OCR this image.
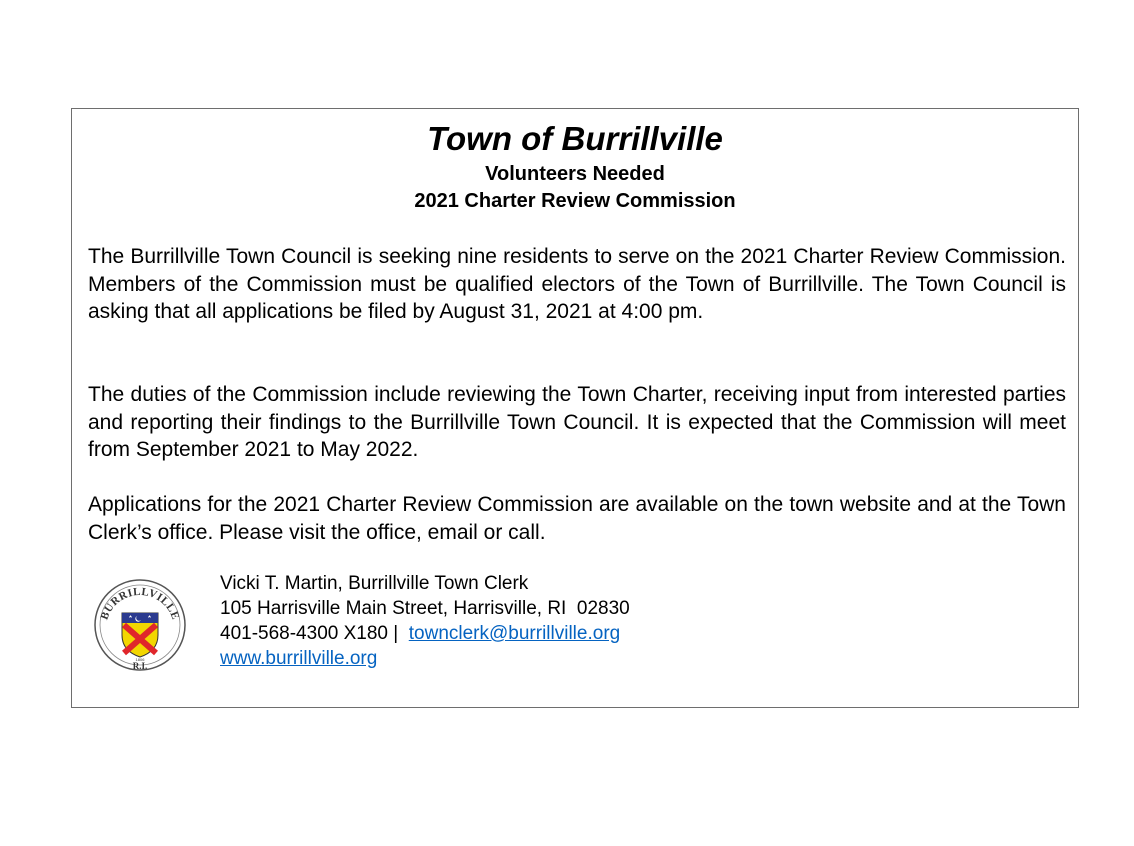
Town of Burrillville
Volunteers Needed
2021 Charter Review Commission

The Burrillville Town Council is seeking nine residents to serve on the 2021 Charter Review Commission. Members of the Commission must be qualified electors of the Town of Burrillville. The Town Council is asking that all applications be filed by August 31, 2021 at 4:00 pm.

The duties of the Commission include reviewing the Town Charter, receiving input from interested parties and reporting their findings to the Burrillville Town Council. It is expected that the Commission will meet from September 2021 to May 2022.

Applications for the 2021 Charter Review Commission are available on the town website and at the Town Clerk’s office. Please visit the office, email or call.

BURRILLVILLE
1806
R.I.
Vicki T. Martin, Burrillville Town Clerk
105 Harrisville Main Street, Harrisville, RI  02830
401-568-4300 X180 |  townclerk@burrillville.org
www.burrillville.org
